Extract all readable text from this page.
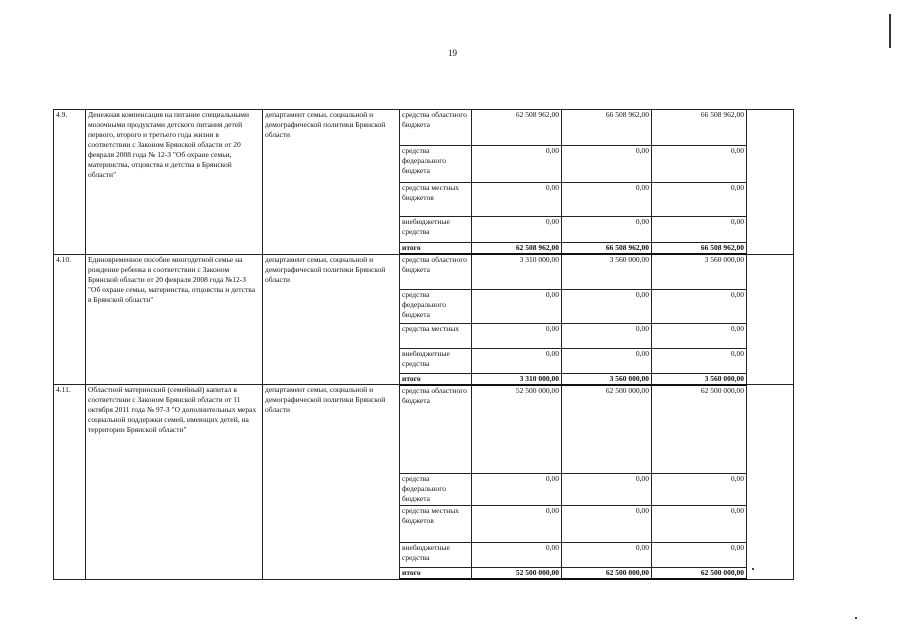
19
4.9.	Денежная компенсация на питание специальными молочными продуктами детского питания детей первого, второго и третьего года жизни в соответствии с Законом Брянской области от 20 февраля 2008 года № 12-З "Об охране семьи, материнства, отцовства и детства в Брянской области"	департамент семьи, социальной и демографической политики Брянской области	средства областного бюджета	62 508 962,00	66 508 962,00	66 508 962,00	
			средства федерального бюджета	0,00	0,00	0,00	
			средства местных бюджетов	0,00	0,00	0,00	
			внебюджетные средства	0,00	0,00	0,00	
			итого	62 508 962,00	66 508 962,00	66 508 962,00	
4.10.	Единовременное пособие многодетной семье на рождение ребенка в соответствии с Законом Брянской области от 20 февраля 2008 года №12-З "Об охране семьи, материнства, отцовства и детства в Брянской области"	департамент семьи, социальной и демографической политики Брянской области	средства областного бюджета	3 310 000,00	3 560 000,00	3 560 000,00	
			средства федерального бюджета	0,00	0,00	0,00	
			средства местных	0,00	0,00	0,00	
			внебюджетные средства	0,00	0,00	0,00	
			итого	3 310 000,00	3 560 000,00	3 560 000,00	
4.11.	Областной материнский (семейный) капитал в соответствии с Законом Брянской области от 11 октября 2011 года № 97-З "О дополнительных мерах социальной поддержки семей, имеющих детей, на территории Брянской области"	департамент семьи, социальной и демографической политики Брянской области	средства областного бюджета	52 500 000,00	62 500 000,00	62 500 000,00	
			средства федерального бюджета	0,00	0,00	0,00	
			средства местных бюджетов	0,00	0,00	0,00	
			внебюджетные средства	0,00	0,00	0,00	
			итого	52 500 000,00	62 500 000,00	62 500 000,00	
